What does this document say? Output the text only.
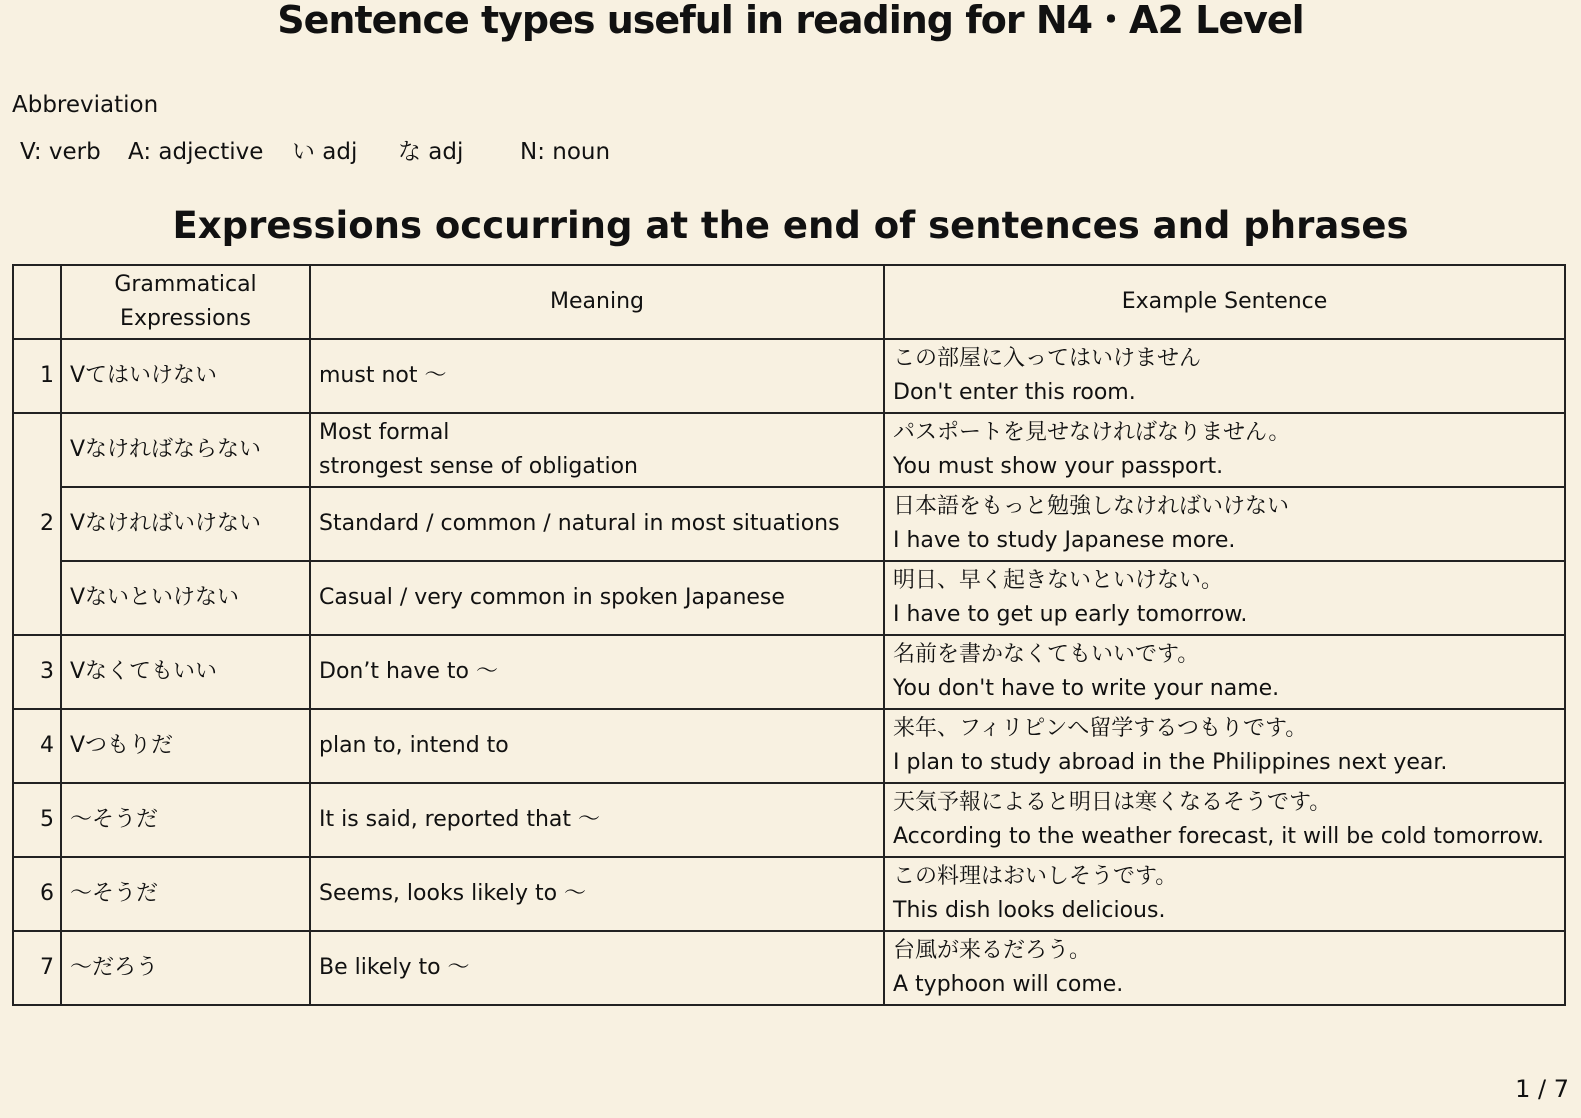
Sentence types useful in reading for N4・A2 Level
Abbreviation
V: verb A: adjective い adj な adj N: noun
Expressions occurring at the end of sentences and phrases

	Grammatical
Expressions	Meaning	Example Sentence
1	Vてはいけない	must not 〜	この部屋に入ってはいけません
Don't enter this room.

2	Vなければならない	Most formal
strongest sense of obligation	パスポートを見せなければなりません。
You must show your passport.

	Vなければいけない	Standard / common / natural in most situations	日本語をもっと勉強しなければいけない
I have to study Japanese more.

	Vないといけない	Casual / very common in spoken Japanese	明日、早く起きないといけない。
I have to get up early tomorrow.

3	Vなくてもいい	Don’t have to 〜	名前を書かなくてもいいです。
You don't have to write your name.

4	Vつもりだ	plan to, intend to	来年、フィリピンへ留学するつもりです。
I plan to study abroad in the Philippines next year.

5	〜そうだ	It is said, reported that 〜	天気予報によると明日は寒くなるそうです。
According to the weather forecast, it will be cold tomorrow.

6	〜そうだ	Seems, looks likely to 〜	この料理はおいしそうです。
This dish looks delicious.

7	〜だろう	Be likely to 〜	台風が来るだろう。
A typhoon will come.
1 / 7
